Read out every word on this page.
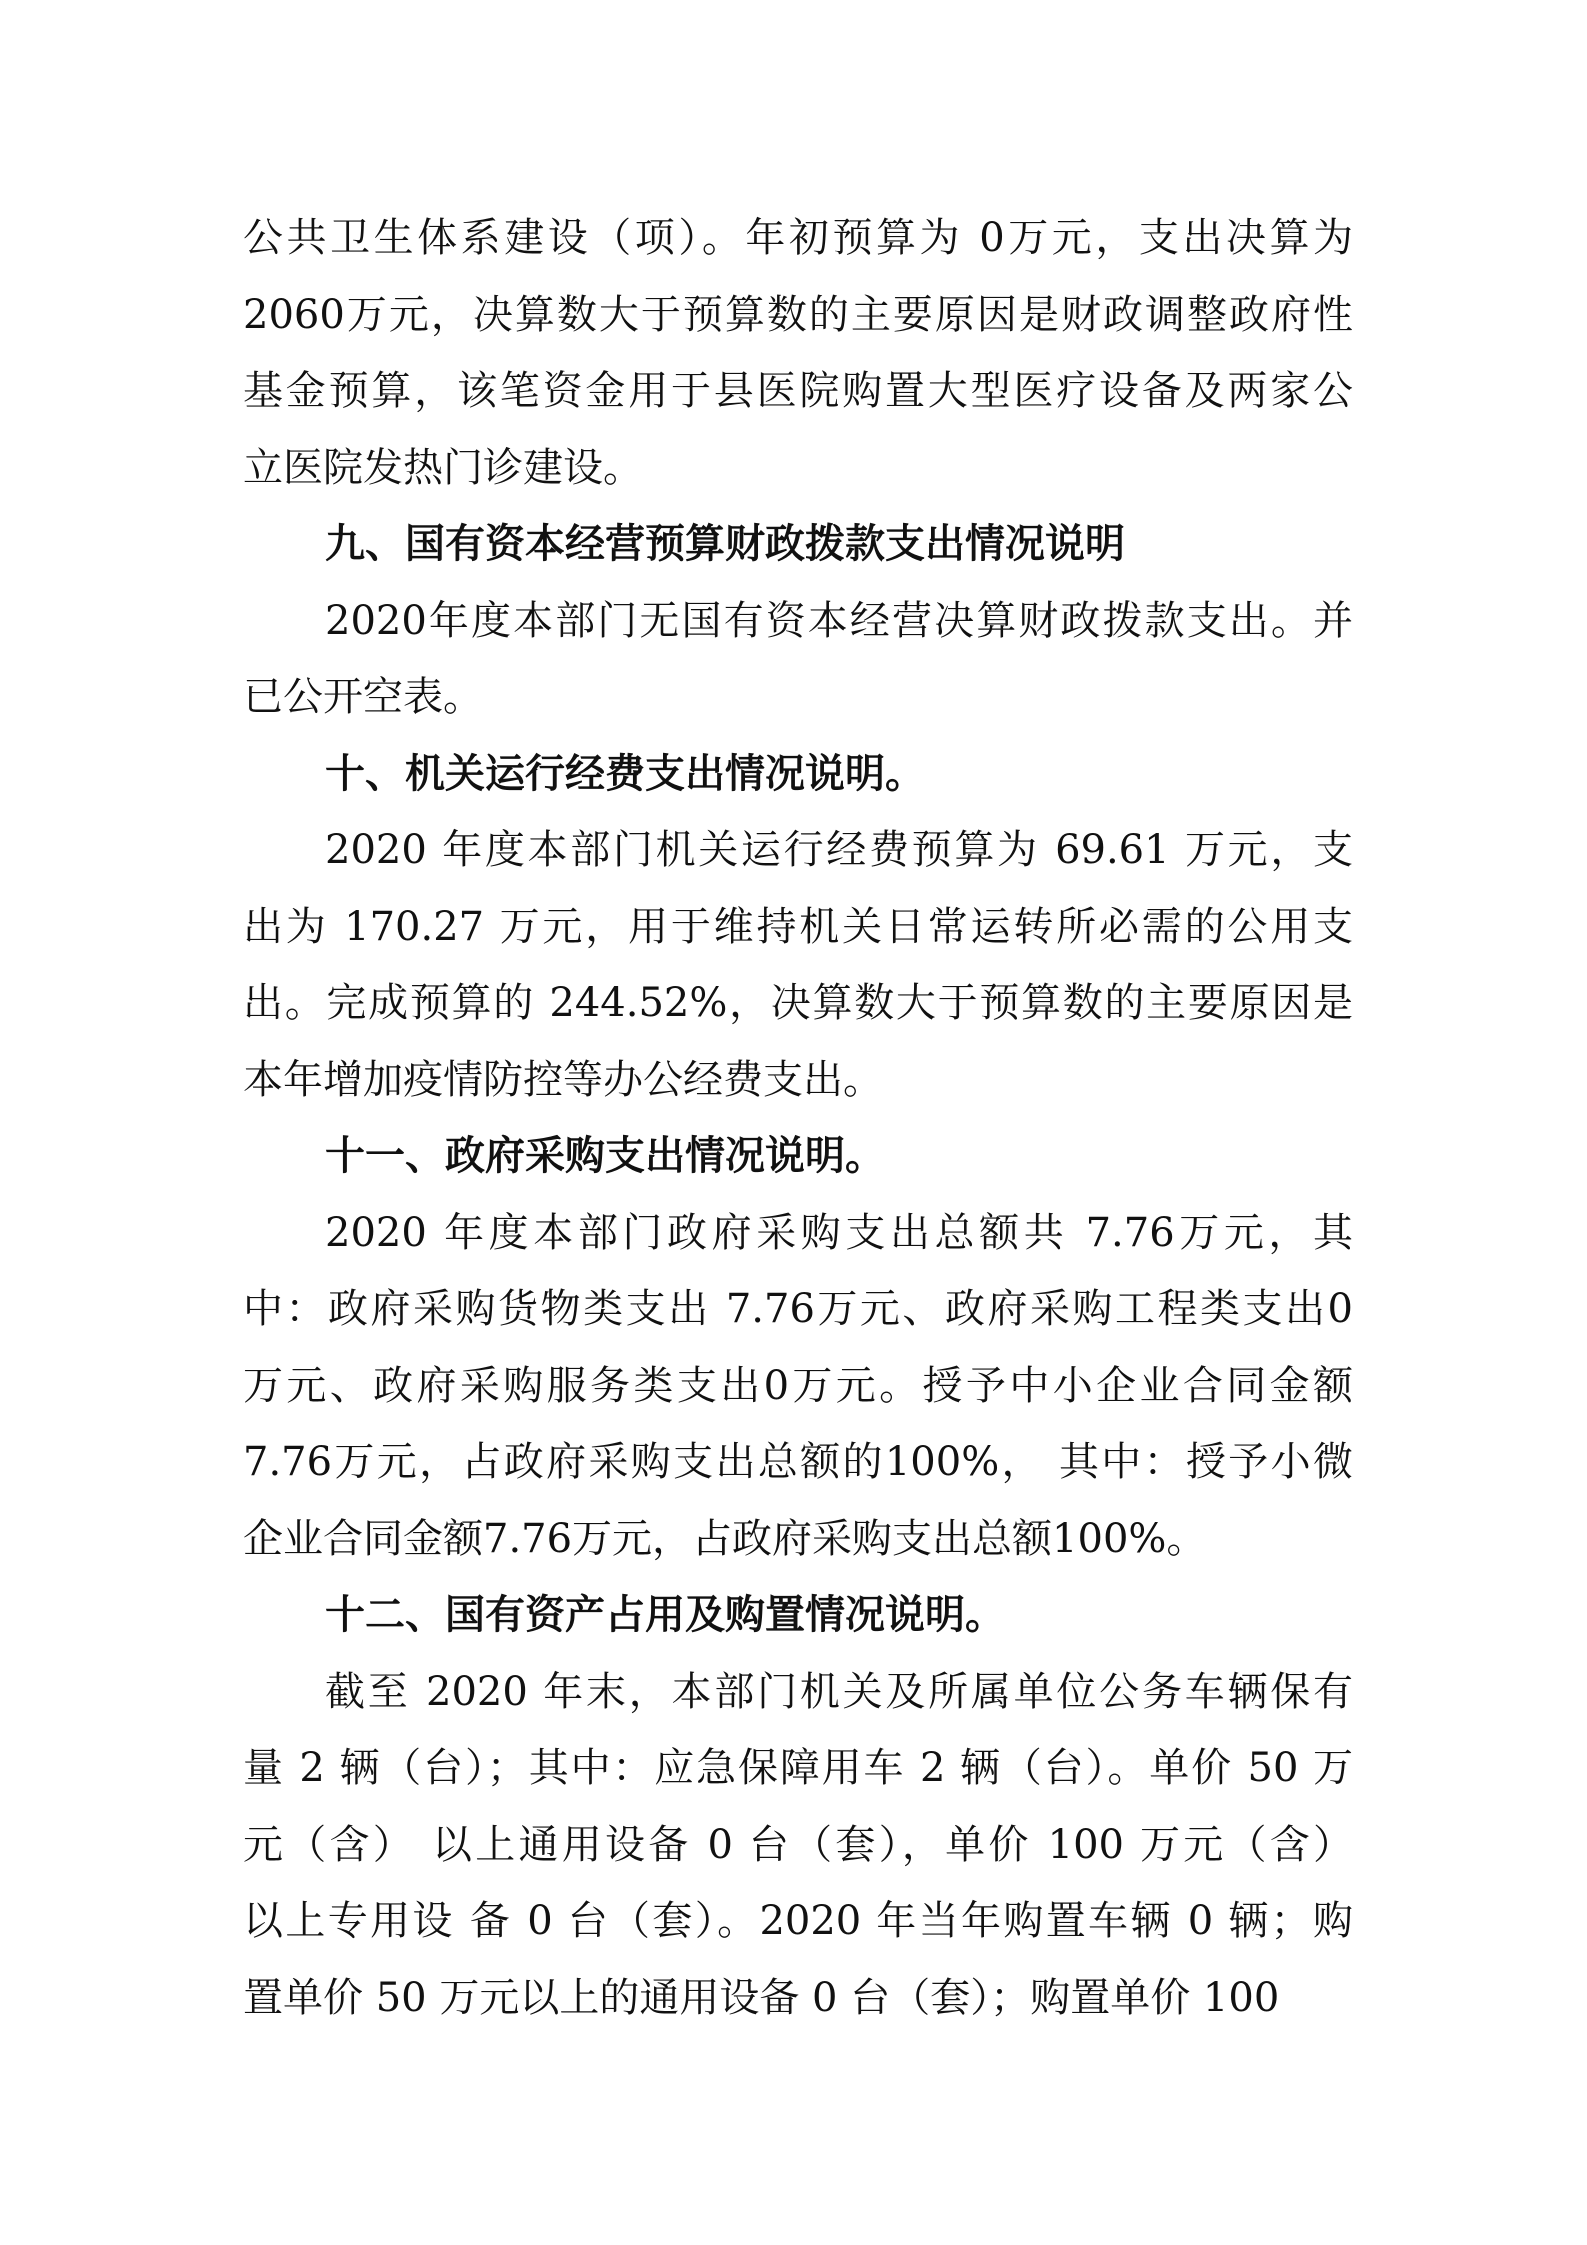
公共卫生体系建设（项）。年初预算为 0万元，支出决算为
2060万元，决算数大于预算数的主要原因是财政调整政府性
基金预算，该笔资金用于县医院购置大型医疗设备及两家公
立医院发热门诊建设。
九、国有资本经营预算财政拨款支出情况说明
2020年度本部门无国有资本经营决算财政拨款支出。并
已公开空表。
十、机关运行经费支出情况说明。
2020 年度本部门机关运行经费预算为 69.61 万元，支
出为 170.27 万元，用于维持机关日常运转所必需的公用支
出。完成预算的 244.52%，决算数大于预算数的主要原因是
本年增加疫情防控等办公经费支出。
十一、政府采购支出情况说明。
2020 年度本部门政府采购支出总额共 7.76万元，其
中：政府采购货物类支出 7.76万元、政府采购工程类支出0
万元、政府采购服务类支出0万元。授予中小企业合同金额
7.76万元，占政府采购支出总额的100%， 其中：授予小微
企业合同金额7.76万元，占政府采购支出总额100%。
十二、国有资产占用及购置情况说明。
截至 2020 年末，本部门机关及所属单位公务车辆保有
量 2 辆（台）；其中：应急保障用车 2 辆（台）。单价 50 万
元（含） 以上通用设备 0 台（套），单价 100 万元（含）
以上专用设 备 0 台（套）。2020 年当年购置车辆 0 辆；购
置单价 50 万元以上的通用设备 0 台（套）；购置单价 100
